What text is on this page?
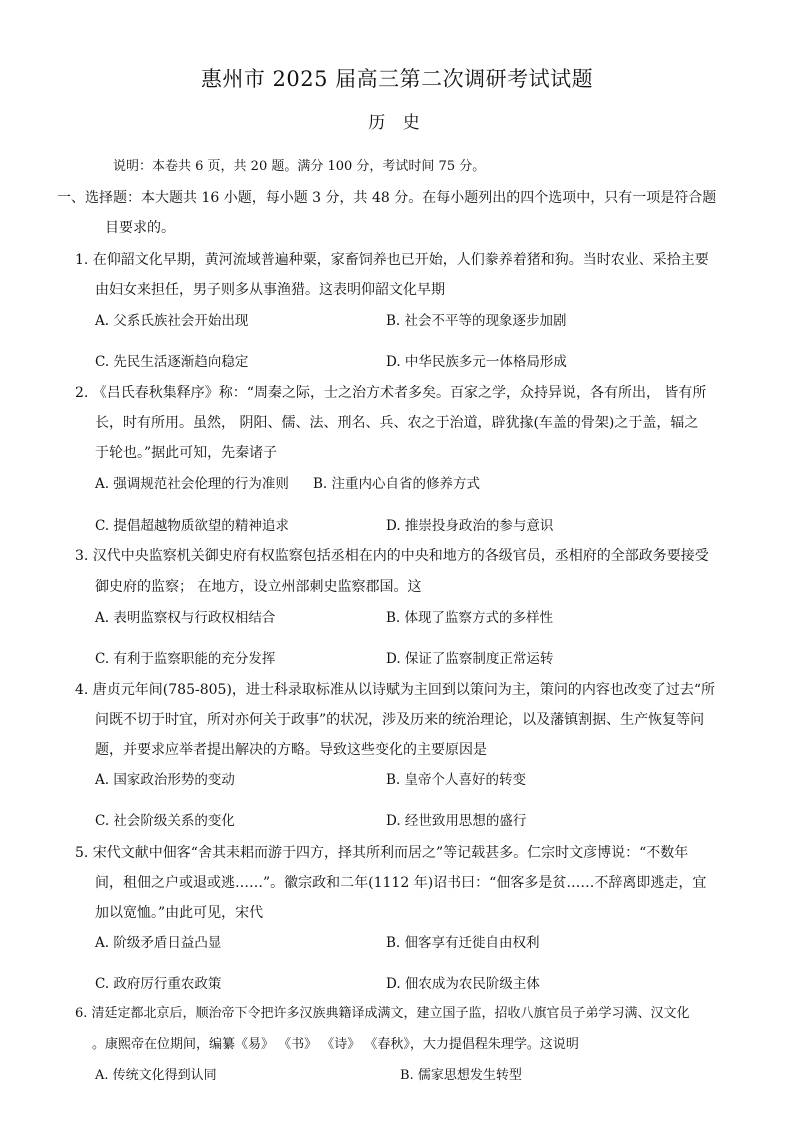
惠州市 2025 届高三第二次调研考试试题
历 史
说明：本卷共 6 页，共 20 题。满分 100 分，考试时间 75 分。
一、选择题：本大题共 16 小题，每小题 3 分，共 48 分。在每小题列出的四个选项中，只有一项是符合题
目要求的。
1. 在仰韶文化早期，黄河流域普遍种粟，家畜饲养也已开始，人们豢养着猪和狗。当时农业、采拾主要
由妇女来担任，男子则多从事渔猎。这表明仰韶文化早期
A. 父系氏族社会开始出现	B. 社会不平等的现象逐步加剧
C. 先民生活逐渐趋向稳定	D. 中华民族多元一体格局形成
2. 《吕氏春秋集释序》称：“周秦之际，士之治方术者多矣。百家之学，众持异说，各有所出， 皆有所
长，时有所用。虽然， 阴阳、儒、法、刑名、兵、农之于治道，辟犹掾(车盖的骨架)之于盖，辐之
于轮也。”据此可知，先秦诸子
A. 强调规范社会伦理的行为准则 B. 注重内心自省的修养方式
C. 提倡超越物质欲望的精神追求	D. 推崇投身政治的参与意识
3. 汉代中央监察机关御史府有权监察包括丞相在内的中央和地方的各级官员，丞相府的全部政务要接受
御史府的监察； 在地方，设立州部刺史监察郡国。这
A. 表明监察权与行政权相结合	B. 体现了监察方式的多样性
C. 有利于监察职能的充分发挥	D. 保证了监察制度正常运转
4. 唐贞元年间(785-805)，进士科录取标准从以诗赋为主回到以策问为主，策问的内容也改变了过去“所
问既不切于时宜，所对亦何关于政事”的状况，涉及历来的统治理论，以及藩镇割据、生产恢复等问
题，并要求应举者提出解决的方略。导致这些变化的主要原因是
A. 国家政治形势的变动	B. 皇帝个人喜好的转变
C. 社会阶级关系的变化	D. 经世致用思想的盛行
5. 宋代文献中佃客“舍其耒耜而游于四方，择其所利而居之”等记载甚多。仁宗时文彦博说：“不数年
间，租佃之户或退或逃……”。徽宗政和二年(1112 年)诏书曰：“佃客多是贫……不辞离即逃走，宜
加以宽恤。”由此可见，宋代
A. 阶级矛盾日益凸显	B. 佃客享有迁徙自由权利
C. 政府厉行重农政策	D. 佃农成为农民阶级主体
6. 清廷定都北京后，顺治帝下令把许多汉族典籍译成满文，建立国子监，招收八旗官员子弟学习满、汉文化
。康熙帝在位期间，编纂《易》 《书》 《诗》 《春秋》，大力提倡程朱理学。这说明
A. 传统文化得到认同	B. 儒家思想发生转型
